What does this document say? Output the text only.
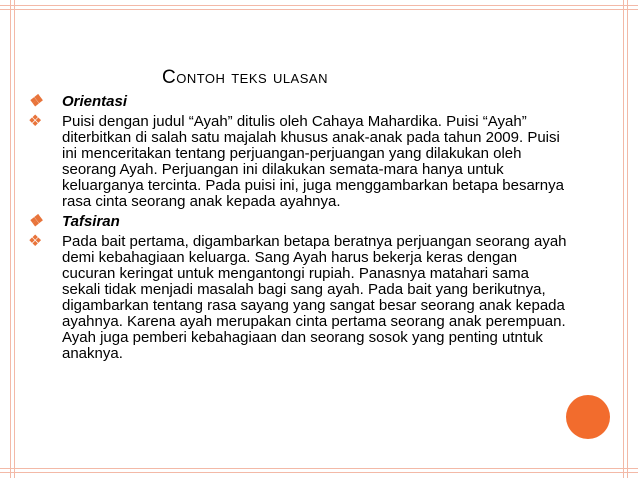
Contoh teks ulasan
❖ Orientasi
❖ Puisi dengan judul “Ayah” ditulis oleh Cahaya Mahardika. Puisi “Ayah” diterbitkan di salah satu majalah khusus anak-anak pada tahun 2009. Puisi ini menceritakan tentang perjuangan-perjuangan yang dilakukan oleh seorang Ayah. Perjuangan ini dilakukan semata-mara hanya untuk keluarganya tercinta. Pada puisi ini, juga menggambarkan betapa besarnya rasa cinta seorang anak kepada ayahnya.
❖ Tafsiran
❖ Pada bait pertama, digambarkan betapa beratnya perjuangan seorang ayah demi kebahagiaan keluarga. Sang Ayah harus bekerja keras dengan cucuran keringat untuk mengantongi rupiah. Panasnya matahari sama sekali tidak menjadi masalah bagi sang ayah. Pada bait yang berikutnya, digambarkan tentang rasa sayang yang sangat besar seorang anak kepada ayahnya. Karena ayah merupakan cinta pertama seorang anak perempuan. Ayah juga pemberi kebahagiaan dan seorang sosok yang penting utntuk anaknya.
